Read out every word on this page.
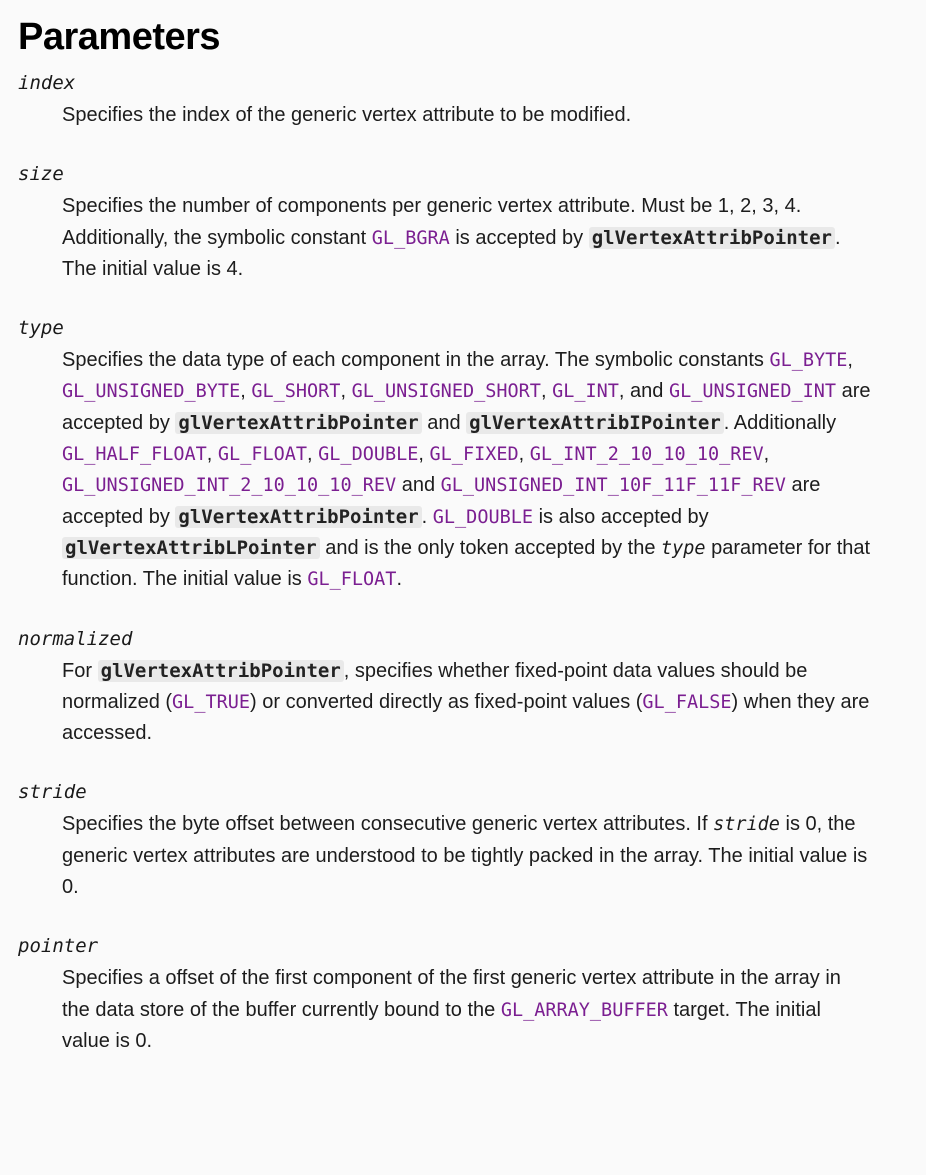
Parameters
index
Specifies the index of the generic vertex attribute to be modified.
size
Specifies the number of components per generic vertex attribute. Must be 1, 2, 3, 4. Additionally, the symbolic constant GL_BGRA is accepted by glVertexAttribPointer . The initial value is 4.
type
Specifies the data type of each component in the array. The symbolic constants GL_BYTE, GL_UNSIGNED_BYTE, GL_SHORT, GL_UNSIGNED_SHORT, GL_INT, and GL_UNSIGNED_INT are accepted by glVertexAttribPointer and glVertexAttribIPointer . Additionally GL_HALF_FLOAT, GL_FLOAT, GL_DOUBLE, GL_FIXED, GL_INT_2_10_10_10_REV, GL_UNSIGNED_INT_2_10_10_10_REV and GL_UNSIGNED_INT_10F_11F_11F_REV are accepted by glVertexAttribPointer . GL_DOUBLE is also accepted by glVertexAttribLPointer and is the only token accepted by the type parameter for that function. The initial value is GL_FLOAT.
normalized
For glVertexAttribPointer , specifies whether fixed-point data values should be normalized (GL_TRUE) or converted directly as fixed-point values (GL_FALSE) when they are accessed.
stride
Specifies the byte offset between consecutive generic vertex attributes. If stride is 0, the generic vertex attributes are understood to be tightly packed in the array. The initial value is 0.
pointer
Specifies a offset of the first component of the first generic vertex attribute in the array in the data store of the buffer currently bound to the GL_ARRAY_BUFFER target. The initial value is 0.
